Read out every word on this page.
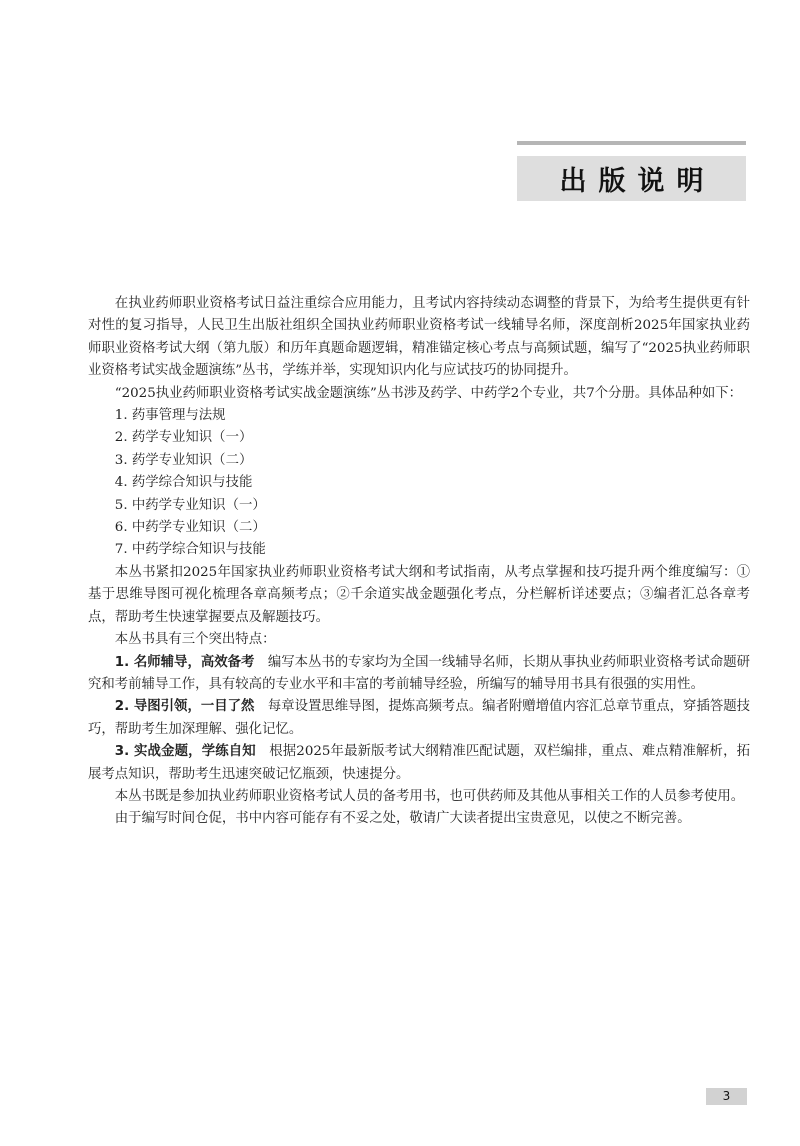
出版说明

在执业药师职业资格考试日益注重综合应用能力，且考试内容持续动态调整的背景下，为给考生提供更有针对性的复习指导，人民卫生出版社组织全国执业药师职业资格考试一线辅导名师，深度剖析2025年国家执业药师职业资格考试大纲（第九版）和历年真题命题逻辑，精准锚定核心考点与高频试题，编写了“2025执业药师职业资格考试实战金题演练”丛书，学练并举，实现知识内化与应试技巧的协同提升。

“2025执业药师职业资格考试实战金题演练”丛书涉及药学、中药学2个专业，共7个分册。具体品种如下：

1. 药事管理与法规

2. 药学专业知识（一）

3. 药学专业知识（二）

4. 药学综合知识与技能

5. 中药学专业知识（一）

6. 中药学专业知识（二）

7. 中药学综合知识与技能

本丛书紧扣2025年国家执业药师职业资格考试大纲和考试指南，从考点掌握和技巧提升两个维度编写：①基于思维导图可视化梳理各章高频考点；②千余道实战金题强化考点，分栏解析详述要点；③编者汇总各章考点，帮助考生快速掌握要点及解题技巧。

本丛书具有三个突出特点：

1. 名师辅导，高效备考 编写本丛书的专家均为全国一线辅导名师，长期从事执业药师职业资格考试命题研究和考前辅导工作，具有较高的专业水平和丰富的考前辅导经验，所编写的辅导用书具有很强的实用性。

2. 导图引领，一目了然 每章设置思维导图，提炼高频考点。编者附赠增值内容汇总章节重点，穿插答题技巧，帮助考生加深理解、强化记忆。

3. 实战金题，学练自知 根据2025年最新版考试大纲精准匹配试题，双栏编排，重点、难点精准解析，拓展考点知识，帮助考生迅速突破记忆瓶颈，快速提分。

本丛书既是参加执业药师职业资格考试人员的备考用书，也可供药师及其他从事相关工作的人员参考使用。

由于编写时间仓促，书中内容可能存有不妥之处，敬请广大读者提出宝贵意见，以使之不断完善。

3
